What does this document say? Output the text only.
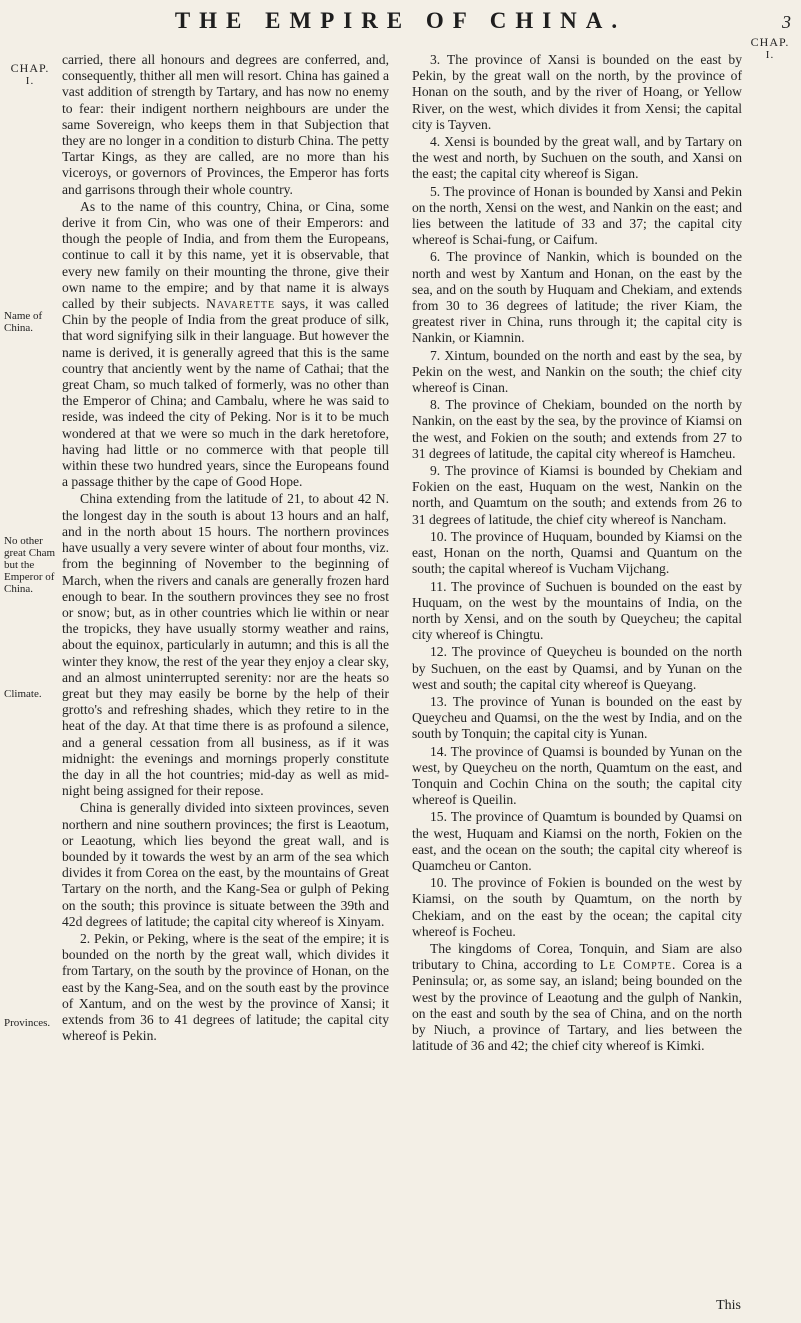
THE EMPIRE OF CHINA.	3
CHAP.
I.
CHAP.
I.
Name of China.
No other great Cham but the Emperor of China.
Climate.
Provinces.

carried, there all honours and degrees are conferred, and, consequently, thither all men will resort. China has gained a vast addition of strength by Tartary, and has now no enemy to fear: their indigent northern neighbours are under the same Sovereign, who keeps them in that Subjection that they are no longer in a condition to disturb China. The petty Tartar Kings, as they are called, are no more than his viceroys, or governors of Provinces, the Emperor has forts and garrisons through their whole country.

As to the name of this country, China, or Cina, some derive it from Cin, who was one of their Emperors: and though the people of India, and from them the Europeans, continue to call it by this name, yet it is observable, that every new family on their mounting the throne, give their own name to the empire; and by that name it is always called by their subjects. Navarette says, it was called Chin by the people of India from the great produce of silk, that word signifying silk in their language. But however the name is derived, it is generally agreed that this is the same country that anciently went by the name of Cathai; that the great Cham, so much talked of formerly, was no other than the Emperor of China; and Cambalu, where he was said to reside, was indeed the city of Peking. Nor is it to be much wondered at that we were so much in the dark heretofore, having had little or no commerce with that people till within these two hundred years, since the Europeans found a passage thither by the cape of Good Hope.

China extending from the latitude of 21, to about 42 N. the longest day in the south is about 13 hours and an half, and in the north about 15 hours. The northern provinces have usually a very severe winter of about four months, viz. from the beginning of November to the beginning of March, when the rivers and canals are generally frozen hard enough to bear. In the southern provinces they see no frost or snow; but, as in other countries which lie within or near the tropicks, they have usually stormy weather and rains, about the equinox, particularly in autumn; and this is all the winter they know, the rest of the year they enjoy a clear sky, and an almost uninterrupted serenity: nor are the heats so great but they may easily be borne by the help of their grotto's and refreshing shades, which they retire to in the heat of the day. At that time there is as profound a silence, and a general cessation from all business, as if it was midnight: the evenings and mornings properly constitute the day in all the hot countries; mid-day as well as mid-night being assigned for their repose.

China is generally divided into sixteen provinces, seven northern and nine southern provinces; the first is Leaotum, or Leaotung, which lies beyond the great wall, and is bounded by it towards the west by an arm of the sea which divides it from Corea on the east, by the mountains of Great Tartary on the north, and the Kang-Sea or gulph of Peking on the south; this province is situate between the 39th and 42d degrees of latitude; the capital city whereof is Xinyam.

2. Pekin, or Peking, where is the seat of the empire; it is bounded on the north by the great wall, which divides it from Tartary, on the south by the province of Honan, on the east by the Kang-Sea, and on the south east by the province of Xantum, and on the west by the province of Xansi; it extends from 36 to 41 degrees of latitude; the capital city whereof is Pekin.

3. The province of Xansi is bounded on the east by Pekin, by the great wall on the north, by the province of Honan on the south, and by the river of Hoang, or Yellow River, on the west, which divides it from Xensi; the capital city is Tayven.

4. Xensi is bounded by the great wall, and by Tartary on the west and north, by Suchuen on the south, and Xansi on the east; the capital city whereof is Sigan.

5. The province of Honan is bounded by Xansi and Pekin on the north, Xensi on the west, and Nankin on the east; and lies between the latitude of 33 and 37; the capital city whereof is Schai-fung, or Caifum.

6. The province of Nankin, which is bounded on the north and west by Xantum and Honan, on the east by the sea, and on the south by Huquam and Chekiam, and extends from 30 to 36 degrees of latitude; the river Kiam, the greatest river in China, runs through it; the capital city is Nankin, or Kiamnin.

7. Xintum, bounded on the north and east by the sea, by Pekin on the west, and Nankin on the south; the chief city whereof is Cinan.

8. The province of Chekiam, bounded on the north by Nankin, on the east by the sea, by the province of Kiamsi on the west, and Fokien on the south; and extends from 27 to 31 degrees of latitude, the capital city whereof is Hamcheu.

9. The province of Kiamsi is bounded by Chekiam and Fokien on the east, Huquam on the west, Nankin on the north, and Quamtum on the south; and extends from 26 to 31 degrees of latitude, the chief city whereof is Nancham.

10. The province of Huquam, bounded by Kiamsi on the east, Honan on the north, Quamsi and Quantum on the south; the capital whereof is Vucham Vijchang.

11. The province of Suchuen is bounded on the east by Huquam, on the west by the mountains of India, on the north by Xensi, and on the south by Queycheu; the capital city whereof is Chingtu.

12. The province of Queycheu is bounded on the north by Suchuen, on the east by Quamsi, and by Yunan on the west and south; the capital city whereof is Queyang.

13. The province of Yunan is bounded on the east by Queycheu and Quamsi, on the the west by India, and on the south by Tonquin; the capital city is Yunan.

14. The province of Quamsi is bounded by Yunan on the west, by Queycheu on the north, Quamtum on the east, and Tonquin and Cochin China on the south; the capital city whereof is Queilin.

15. The province of Quamtum is bounded by Quamsi on the west, Huquam and Kiamsi on the north, Fokien on the east, and the ocean on the south; the capital city whereof is Quamcheu or Canton.

10. The province of Fokien is bounded on the west by Kiamsi, on the south by Quamtum, on the north by Chekiam, and on the east by the ocean; the capital city whereof is Focheu.

The kingdoms of Corea, Tonquin, and Siam are also tributary to China, according to Le Compte. Corea is a Peninsula; or, as some say, an island; being bounded on the west by the province of Leaotung and the gulph of Nankin, on the east and south by the sea of China, and on the north by Niuch, a province of Tartary, and lies between the latitude of 36 and 42; the chief city whereof is Kimki.

This
